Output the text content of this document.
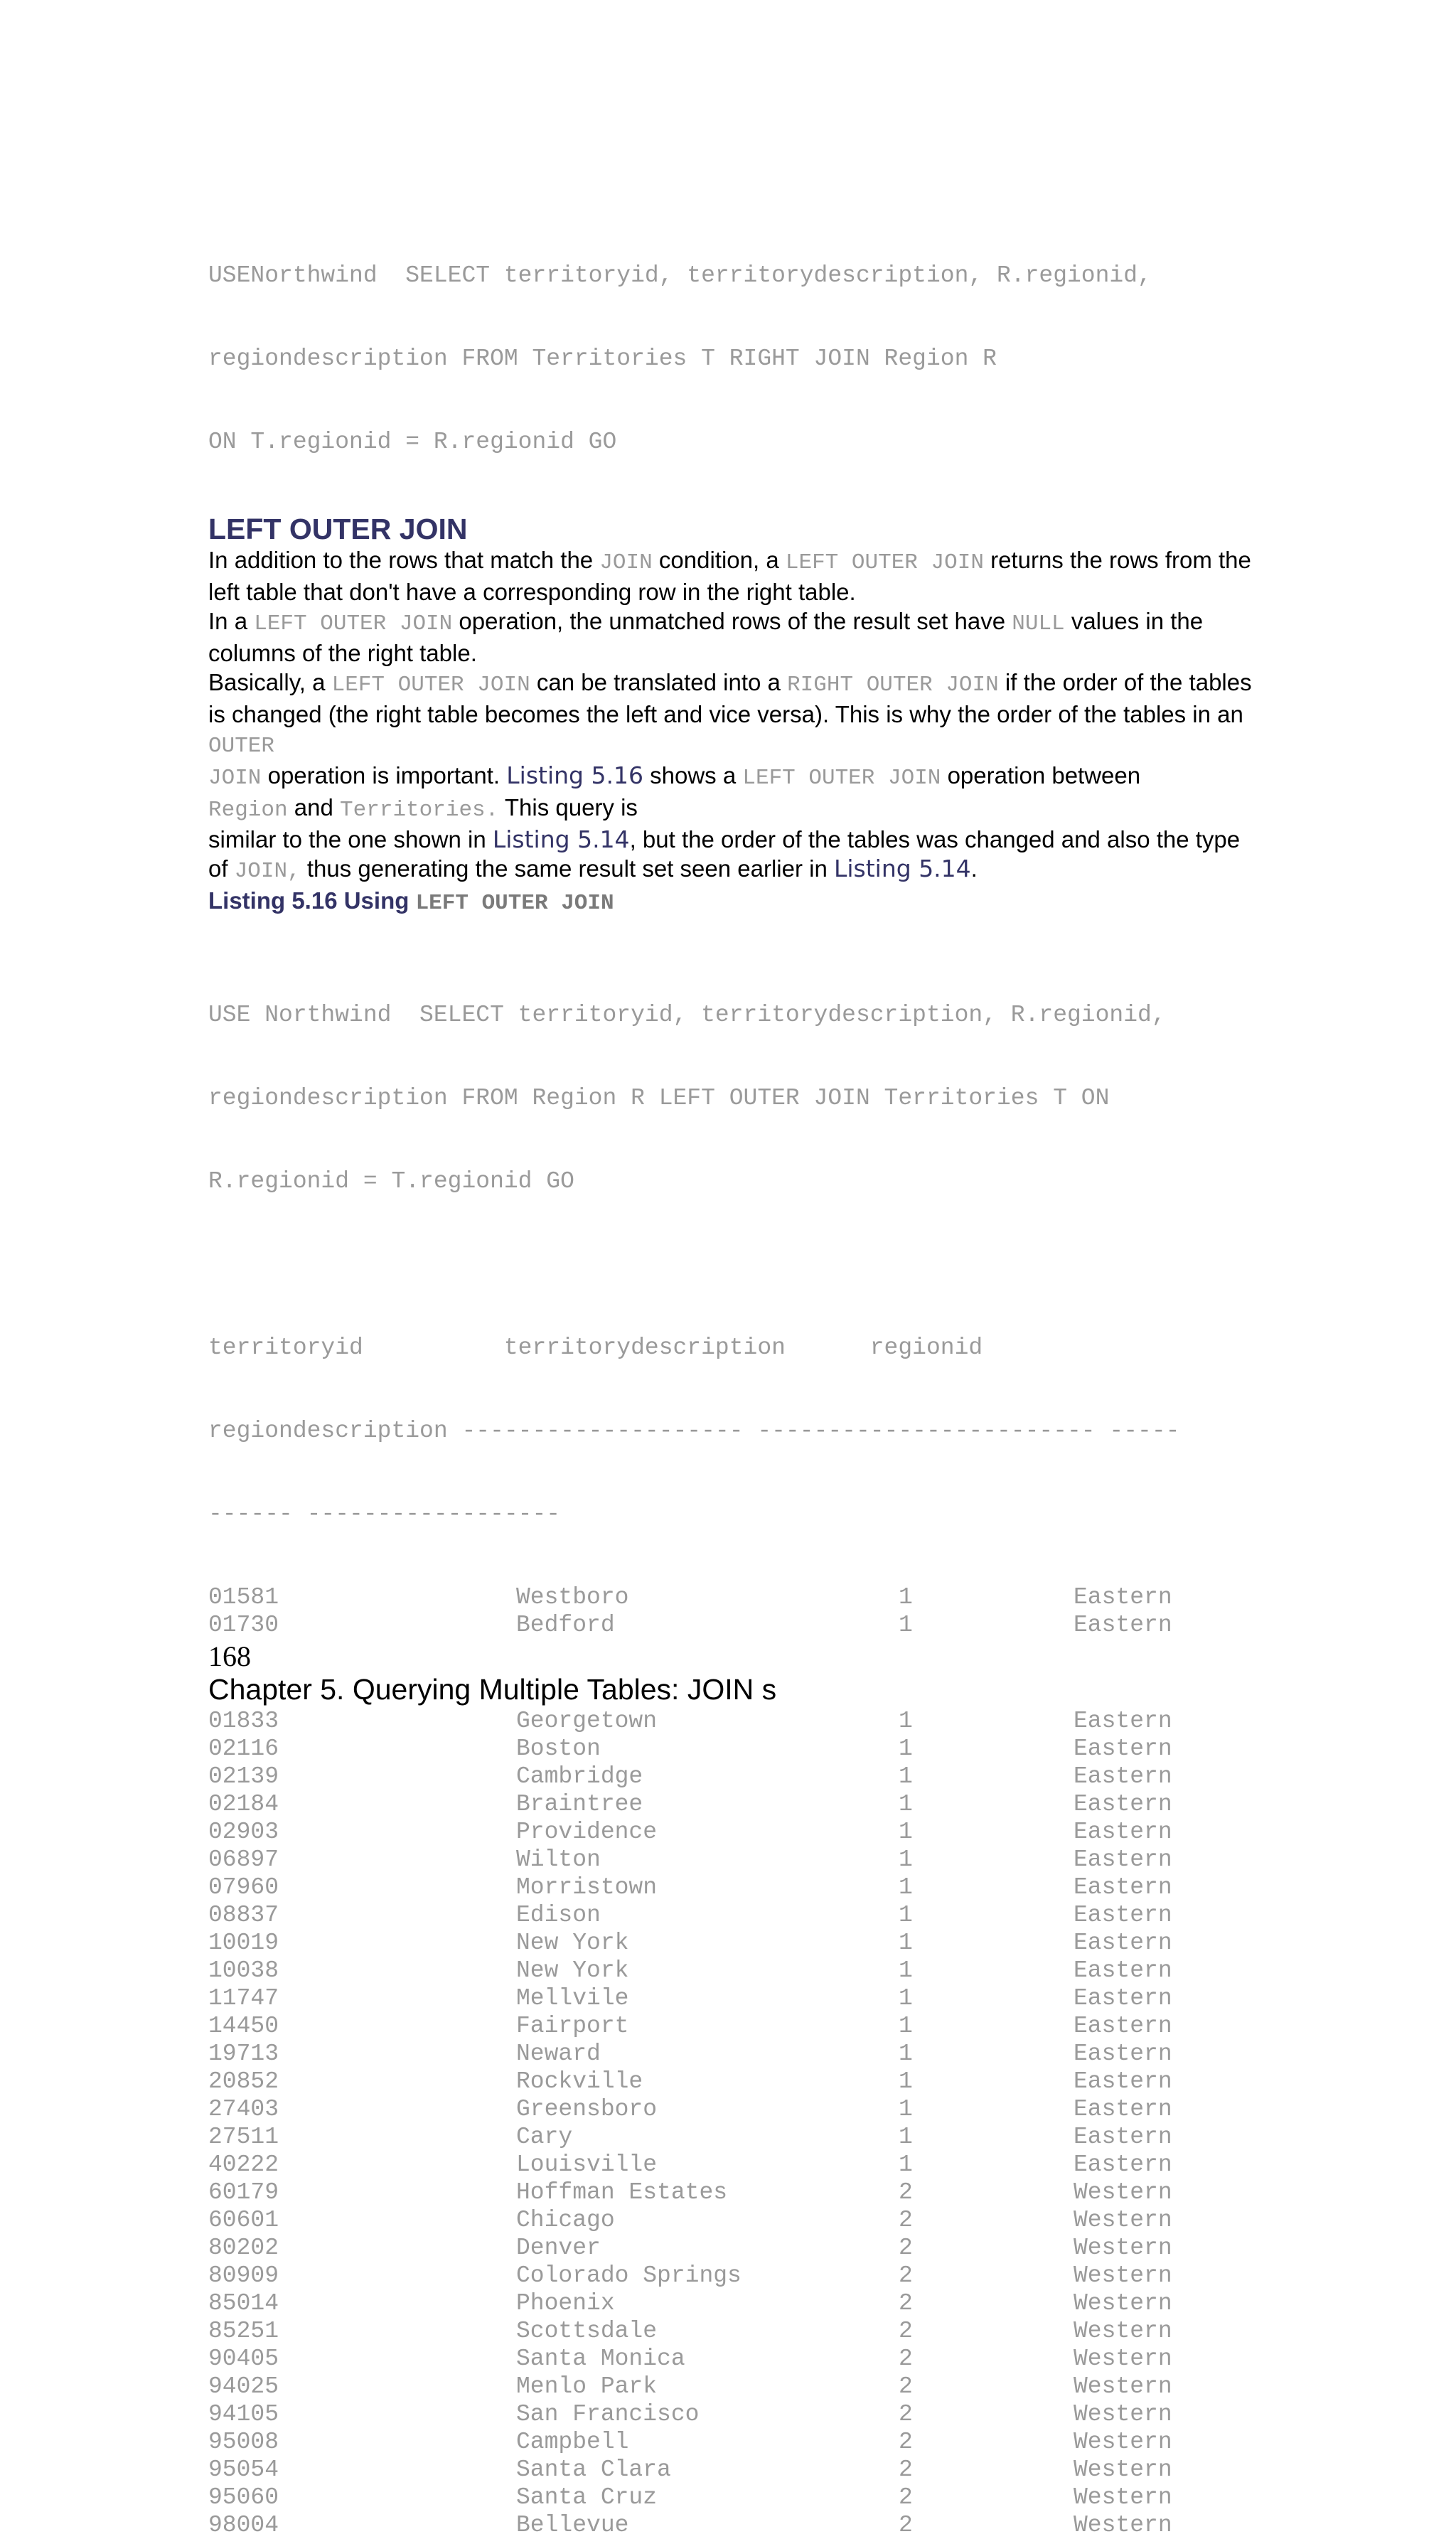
USENorthwind  SELECT territoryid, territorydescription, R.regionid,

regiondescription FROM Territories T RIGHT JOIN Region R

ON T.regionid = R.regionid GO

LEFT OUTER JOIN

In addition to the rows that match the JOIN condition, a LEFT OUTER JOIN returns the rows from the left table that don't have a corresponding row in the right table.

In a LEFT OUTER JOIN operation, the unmatched rows of the result set have NULL values in the columns of the right table.

Basically, a LEFT OUTER JOIN can be translated into a RIGHT OUTER JOIN if the order of the tables is changed (the right table becomes the left and vice versa). This is why the order of the tables in an OUTER
JOIN operation is important. Listing 5.16 shows a LEFT OUTER JOIN operation between
Region and Territories. This query is
similar to the one shown in Listing 5.14, but the order of the tables was changed and also the type of JOIN, thus generating the same result set seen earlier in Listing 5.14.

Listing 5.16 Using LEFT OUTER JOIN

USE Northwind  SELECT territoryid, territorydescription, R.regionid,

regiondescription FROM Region R LEFT OUTER JOIN Territories T ON

R.regionid = T.regionid GO

territoryid          territorydescription      regionid

regiondescription -------------------- ------------------------ -----

------ ------------------

01581	Westboro	1	Eastern
01730	Bedford	1	Eastern
168
Chapter 5. Querying Multiple Tables: JOIN s
01833	Georgetown	1	Eastern
02116	Boston	1	Eastern
02139	Cambridge	1	Eastern
02184	Braintree	1	Eastern
02903	Providence	1	Eastern
06897	Wilton	1	Eastern
07960	Morristown	1	Eastern
08837	Edison	1	Eastern
10019	New York	1	Eastern
10038	New York	1	Eastern
11747	Mellvile	1	Eastern
14450	Fairport	1	Eastern
19713	Neward	1	Eastern
20852	Rockville	1	Eastern
27403	Greensboro	1	Eastern
27511	Cary	1	Eastern
40222	Louisville	1	Eastern
60179	Hoffman Estates	2	Western
60601	Chicago	2	Western
80202	Denver	2	Western
80909	Colorado Springs	2	Western
85014	Phoenix	2	Western
85251	Scottsdale	2	Western
90405	Santa Monica	2	Western
94025	Menlo Park	2	Western
94105	San Francisco	2	Western
95008	Campbell	2	Western
95054	Santa Clara	2	Western
95060	Santa Cruz	2	Western
98004	Bellevue	2	Western
